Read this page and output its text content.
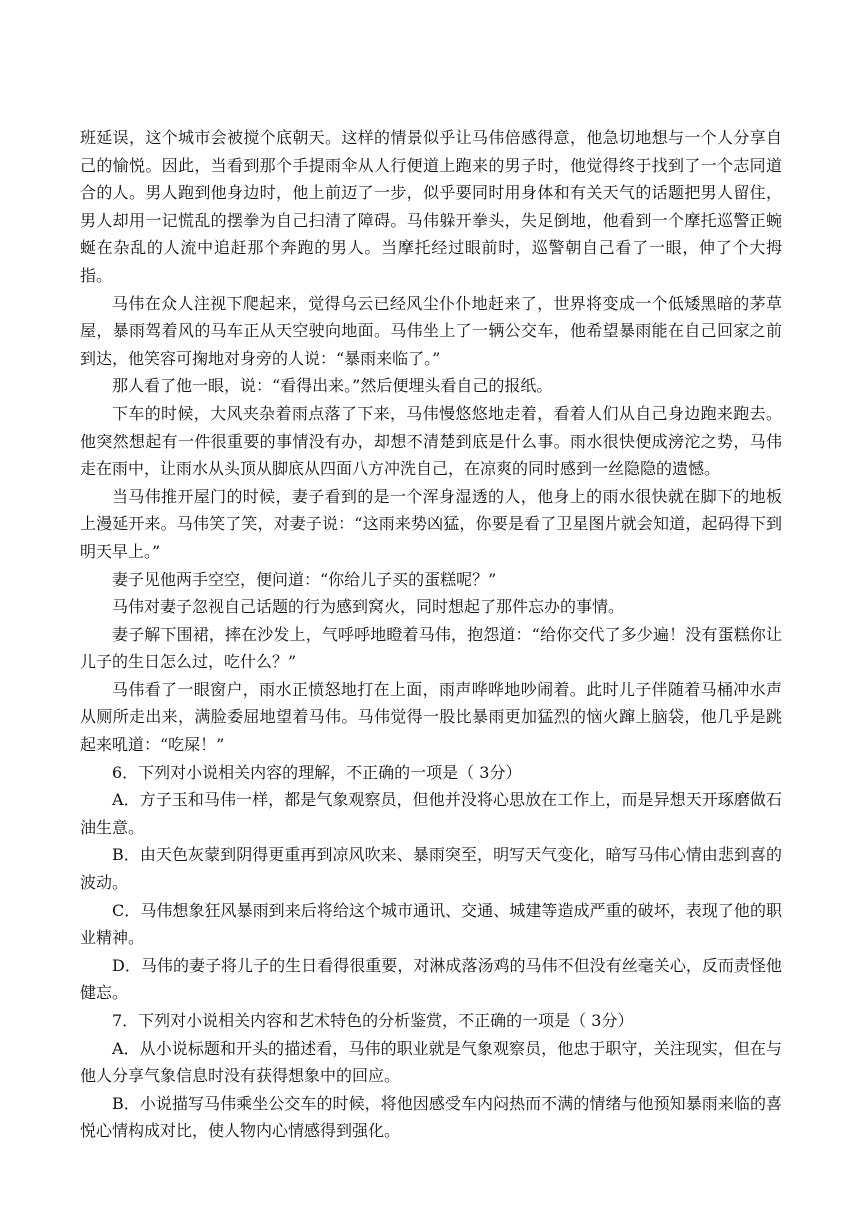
班延误，这个城市会被搅个底朝天。这样的情景似乎让马伟倍感得意，他急切地想与一个人分享自己的愉悦。因此，当看到那个手提雨伞从人行便道上跑来的男子时，他觉得终于找到了一个志同道合的人。男人跑到他身边时，他上前迈了一步，似乎要同时用身体和有关天气的话题把男人留住，男人却用一记慌乱的摆拳为自己扫清了障碍。马伟躲开拳头，失足倒地，他看到一个摩托巡警正蜿蜒在杂乱的人流中追赶那个奔跑的男人。当摩托经过眼前时，巡警朝自己看了一眼，伸了个大拇指。

马伟在众人注视下爬起来，觉得乌云已经风尘仆仆地赶来了，世界将变成一个低矮黑暗的茅草屋，暴雨驾着风的马车正从天空驶向地面。马伟坐上了一辆公交车，他希望暴雨能在自己回家之前到达，他笑容可掬地对身旁的人说：“暴雨来临了。”

那人看了他一眼，说：“看得出来。”然后便埋头看自己的报纸。

下车的时候，大风夹杂着雨点落了下来，马伟慢悠悠地走着，看着人们从自己身边跑来跑去。他突然想起有一件很重要的事情没有办，却想不清楚到底是什么事。雨水很快便成滂沱之势，马伟走在雨中，让雨水从头顶从脚底从四面八方冲洗自己，在凉爽的同时感到一丝隐隐的遗憾。

当马伟推开屋门的时候，妻子看到的是一个浑身湿透的人，他身上的雨水很快就在脚下的地板上漫延开来。马伟笑了笑，对妻子说：“这雨来势凶猛，你要是看了卫星图片就会知道，起码得下到明天早上。”

妻子见他两手空空，便问道：“你给儿子买的蛋糕呢？”

马伟对妻子忽视自己话题的行为感到窝火，同时想起了那件忘办的事情。

妻子解下围裙，摔在沙发上，气呼呼地瞪着马伟，抱怨道：“给你交代了多少遍！没有蛋糕你让儿子的生日怎么过，吃什么？”

马伟看了一眼窗户，雨水正愤怒地打在上面，雨声哗哗地吵闹着。此时儿子伴随着马桶冲水声从厕所走出来，满脸委屈地望着马伟。马伟觉得一股比暴雨更加猛烈的恼火蹿上脑袋，他几乎是跳起来吼道：“吃屎！”

6．下列对小说相关内容的理解，不正确的一项是（ 3分）

A．方子玉和马伟一样，都是气象观察员，但他并没将心思放在工作上，而是异想天开琢磨做石油生意。

B．由天色灰蒙到阴得更重再到凉风吹来、暴雨突至，明写天气变化，暗写马伟心情由悲到喜的波动。

C．马伟想象狂风暴雨到来后将给这个城市通讯、交通、城建等造成严重的破坏，表现了他的职业精神。

D．马伟的妻子将儿子的生日看得很重要，对淋成落汤鸡的马伟不但没有丝毫关心，反而责怪他健忘。

7．下列对小说相关内容和艺术特色的分析鉴赏，不正确的一项是（ 3分）

A．从小说标题和开头的描述看，马伟的职业就是气象观察员，他忠于职守，关注现实，但在与他人分享气象信息时没有获得想象中的回应。

B．小说描写马伟乘坐公交车的时候，将他因感受车内闷热而不满的情绪与他预知暴雨来临的喜悦心情构成对比，使人物内心情感得到强化。
